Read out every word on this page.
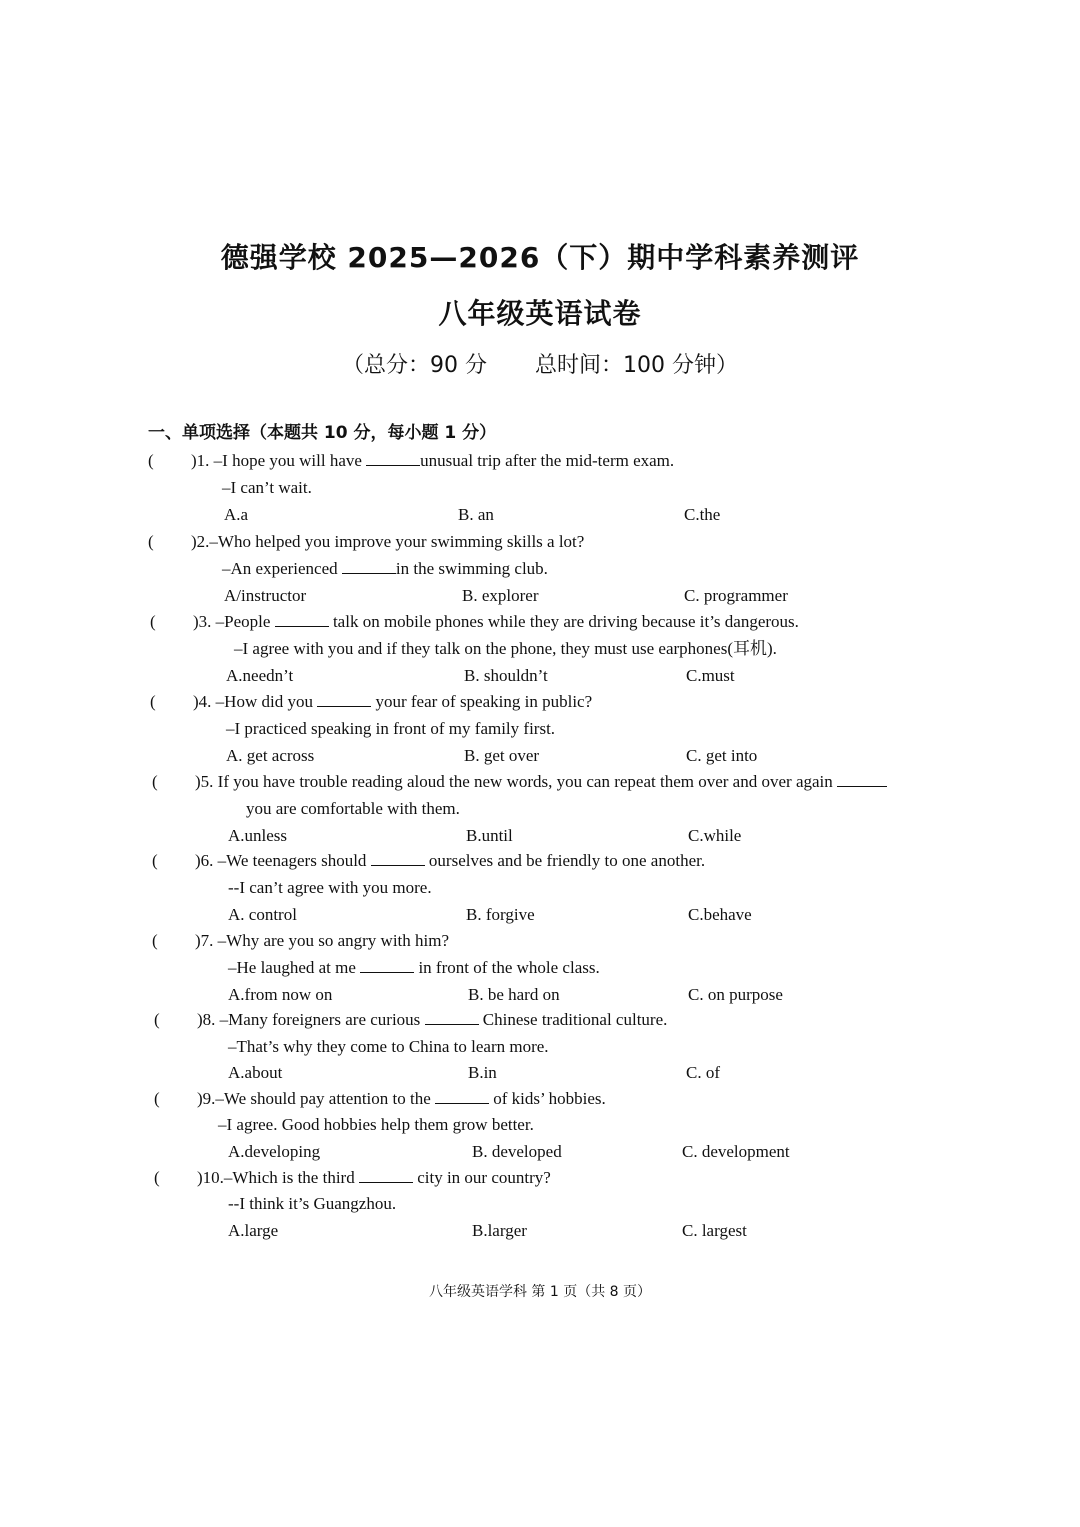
德强学校 2025—2026（下）期中学科素养测评
八年级英语试卷
（总分：90 分 总时间：100 分钟）
一、单项选择（本题共 10 分，每小题 1 分）
( )1. –I hope you will have	unusual trip after the mid-term exam.
–I can’t wait.
A.a	B. an	C.the
( )2.–Who helped you improve your swimming skills a lot?
–An experienced	in the swimming club.
A/instructor	B. explorer	C. programmer
( )3. –People	talk on mobile phones while they are driving because it’s dangerous.
–I agree with you and if they talk on the phone, they must use earphones(耳机).
A.needn’t	B. shouldn’t	C.must
( )4. –How did you	your fear of speaking in public?
–I practiced speaking in front of my family first.
A. get across	B. get over	C. get into
( )5. If you have trouble reading aloud the new words, you can repeat them over and over again
you are comfortable with them.
A.unless	B.until	C.while
( )6. –We teenagers should	ourselves and be friendly to one another.
--I can’t agree with you more.
A. control	B. forgive	C.behave
( )7. –Why are you so angry with him?
–He laughed at me	in front of the whole class.
A.from now on	B. be hard on	C. on purpose
( )8. –Many foreigners are curious	Chinese traditional culture.
–That’s why they come to China to learn more.
A.about	B.in	C. of
( )9.–We should pay attention to the	of kids’ hobbies.
–I agree. Good hobbies help them grow better.
A.developing	B. developed	C. development
( )10.–Which is the third	city in our country?
--I think it’s Guangzhou.
A.large	B.larger	C. largest
八年级英语学科 第 1 页（共 8 页）
